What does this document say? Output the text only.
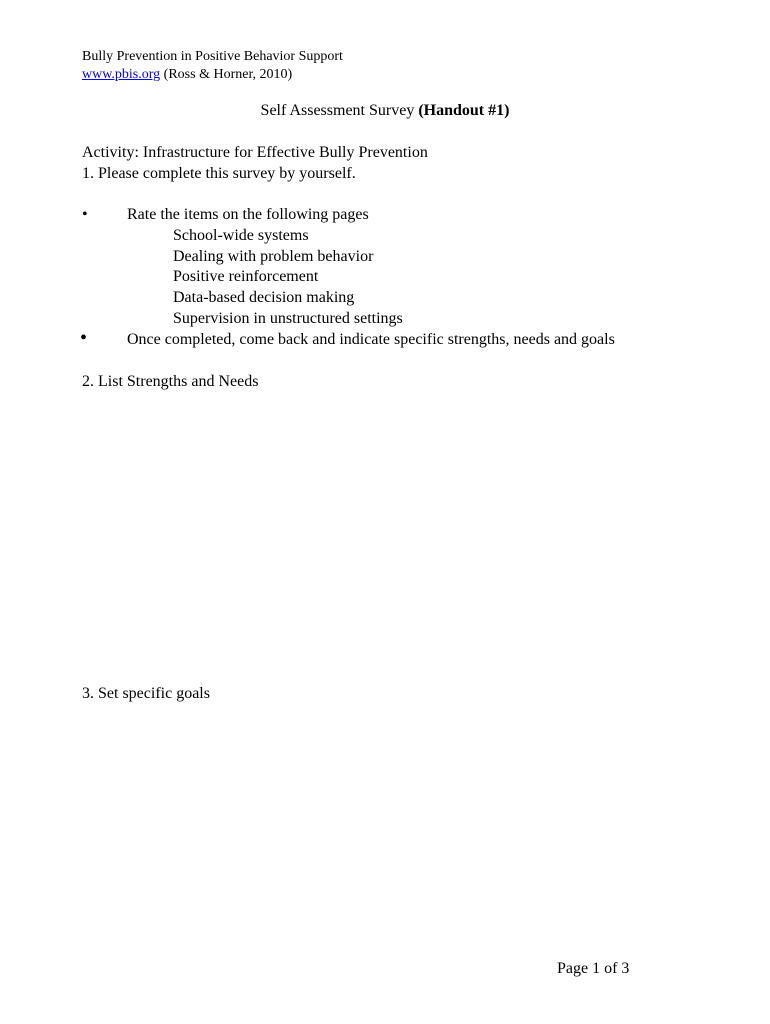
Bully Prevention in Positive Behavior Support
www.pbis.org (Ross & Horner, 2010)
Self Assessment Survey (Handout #1)
Activity: Infrastructure for Effective Bully Prevention
1. Please complete this survey by yourself.
• Rate the items on the following pages
School-wide systems
Dealing with problem behavior
Positive reinforcement
Data-based decision making
Supervision in unstructured settings
• Once completed, come back and indicate specific strengths, needs and goals
2. List Strengths and Needs
3. Set specific goals
Page 1 of 3
